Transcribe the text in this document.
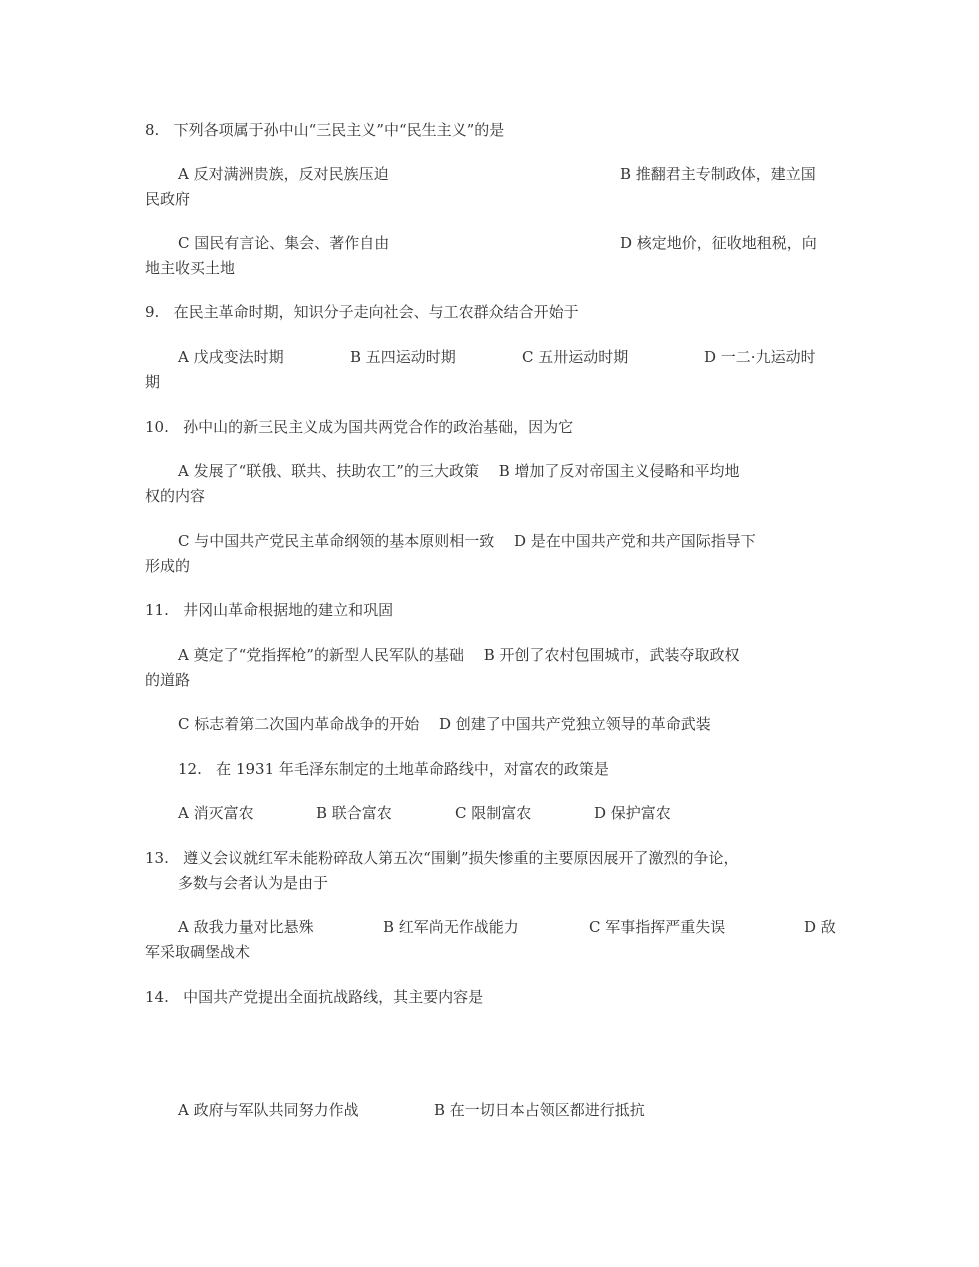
8. 下列各项属于孙中山“三民主义”中“民生主义”的是
A 反对满洲贵族，反对民族压迫	B 推翻君主专制政体，建立国
民政府
C 国民有言论、集会、著作自由	D 核定地价，征收地租税，向
地主收买土地
9. 在民主革命时期，知识分子走向社会、与工农群众结合开始于
A 戊戌变法时期	B 五四运动时期	C 五卅运动时期	D 一二·九运动时
期
10. 孙中山的新三民主义成为国共两党合作的政治基础，因为它
A 发展了“联俄、联共、扶助农工”的三大政策　 B 增加了反对帝国主义侵略和平均地
权的内容
C 与中国共产党民主革命纲领的基本原则相一致　 D 是在中国共产党和共产国际指导下
形成的
11. 井冈山革命根据地的建立和巩固
A 奠定了“党指挥枪”的新型人民军队的基础　 B 开创了农村包围城市，武装夺取政权
的道路
C 标志着第二次国内革命战争的开始　 D 创建了中国共产党独立领导的革命武装
12. 在 1931 年毛泽东制定的土地革命路线中，对富农的政策是
A 消灭富农	B 联合富农	C 限制富农	D 保护富农
13. 遵义会议就红军未能粉碎敌人第五次“围剿”损失惨重的主要原因展开了激烈的争论，
多数与会者认为是由于
A 敌我力量对比悬殊	B 红军尚无作战能力	C 军事指挥严重失误	D 敌
军采取碉堡战术
14. 中国共产党提出全面抗战路线，其主要内容是
A 政府与军队共同努力作战	B 在一切日本占领区都进行抵抗
